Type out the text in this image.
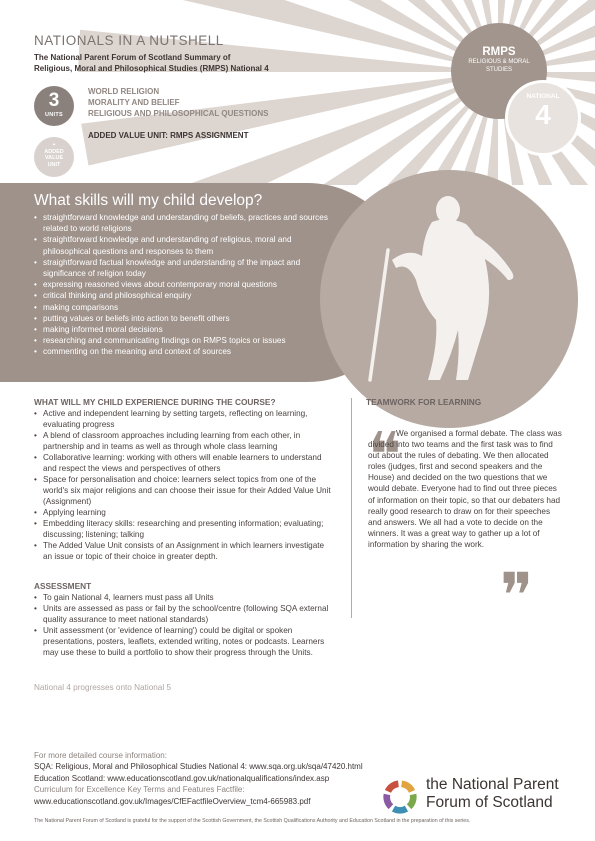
NATIONALS IN A NUTSHELL
The National Parent Forum of Scotland Summary of
Religious, Moral and Philosophical Studies (RMPS) National 4
3
UNITS
+
ADDED
VALUE
UNIT
WORLD RELIGION
MORALITY AND BELIEF
RELIGIOUS AND PHILOSOPHICAL QUESTIONS
ADDED VALUE UNIT: RMPS ASSIGNMENT
RMPS
RELIGIOUS & MORAL
STUDIES
NATIONAL
4
What skills will my child develop?
• straightforward knowledge and understanding of beliefs, practices and sources related to world religions
• straightforward knowledge and understanding of religious, moral and philosophical questions and responses to them
• straightforward factual knowledge and understanding of the impact and significance of religion today
• expressing reasoned views about contemporary moral questions
• critical thinking and philosophical enquiry
• making comparisons
• putting values or beliefs into action to benefit others
• making informed moral decisions
• researching and communicating findings on RMPS topics or issues
• commenting on the meaning and context of sources
WHAT WILL MY CHILD EXPERIENCE DURING THE COURSE?
• Active and independent learning by setting targets, reflecting on learning, evaluating progress
• A blend of classroom approaches including learning from each other, in partnership and in teams as well as through whole class learning
• Collaborative learning: working with others will enable learners to understand and respect the views and perspectives of others
• Space for personalisation and choice: learners select topics from one of the world's six major religions and can choose their issue for their Added Value Unit (Assignment)
• Applying learning
• Embedding literacy skills: researching and presenting information; evaluating; discussing; listening; talking
• The Added Value Unit consists of an Assignment in which learners investigate an issue or topic of their choice in greater depth.
ASSESSMENT
• To gain National 4, learners must pass all Units
• Units are assessed as pass or fail by the school/centre (following SQA external quality assurance to meet national standards)
• Unit assessment (or 'evidence of learning') could be digital or spoken presentations, posters, leaflets, extended writing, notes or podcasts. Learners may use these to build a portfolio to show their progress through the Units.
National 4 progresses onto National 5
TEAMWORK FOR LEARNING
❝

We organised a formal debate. The class was divided into two teams and the first task was to find out about the rules of debating. We then allocated roles (judges, first and second speakers and the House) and decided on the two questions that we would debate. Everyone had to find out three pieces of information on their topic, so that our debaters had really good research to draw on for their speeches and answers. We all had a vote to decide on the winners. It was a great way to gather up a lot of information by sharing the work.

❞
For more detailed course information:
SQA: Religious, Moral and Philosophical Studies National 4: www.sqa.org.uk/sqa/47420.html
Education Scotland: www.educationscotland.gov.uk/nationalqualifications/index.asp
Curriculum for Excellence Key Terms and Features Factfile:
www.educationscotland.gov.uk/Images/CfEFactfileOverview_tcm4-665983.pdf
the National Parent
Forum of Scotland
The National Parent Forum of Scotland is grateful for the support of the Scottish Government, the Scottish Qualifications Authority and Education Scotland in the preparation of this series.
